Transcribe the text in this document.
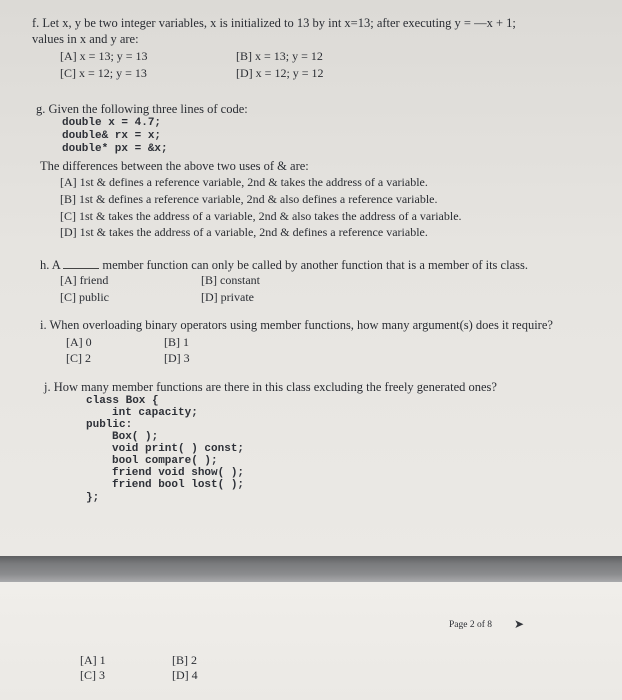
f. Let x, y be two integer variables, x is initialized to 13 by int x=13; after executing y = —x + 1;
values in x and y are:
[A] x = 13; y = 13	[B] x = 13; y = 12
[C] x = 12; y = 13	[D] x = 12; y = 12
g. Given the following three lines of code:
double x = 4.7;
double& rx = x;
double* px = &x;
The differences between the above two uses of & are:
[A] 1st & defines a reference variable, 2nd & takes the address of a variable.
[B] 1st & defines a reference variable, 2nd & also defines a reference variable.
[C] 1st & takes the address of a variable, 2nd & also takes the address of a variable.
[D] 1st & takes the address of a variable, 2nd & defines a reference variable.
h. A	member function can only be called by another function that is a member of its class.
[A] friend	[B] constant
[C] public	[D] private
i. When overloading binary operators using member functions, how many argument(s) does it require?
[A] 0	[B] 1
[C] 2	[D] 3
j. How many member functions are there in this class excluding the freely generated ones?
class Box {
int capacity;
public:
Box( );
void print( ) const;
bool compare( );
friend void show( );
friend bool lost( );
};
Page 2 of 8 ➤
[A] 1	[B] 2
[C] 3	[D] 4
